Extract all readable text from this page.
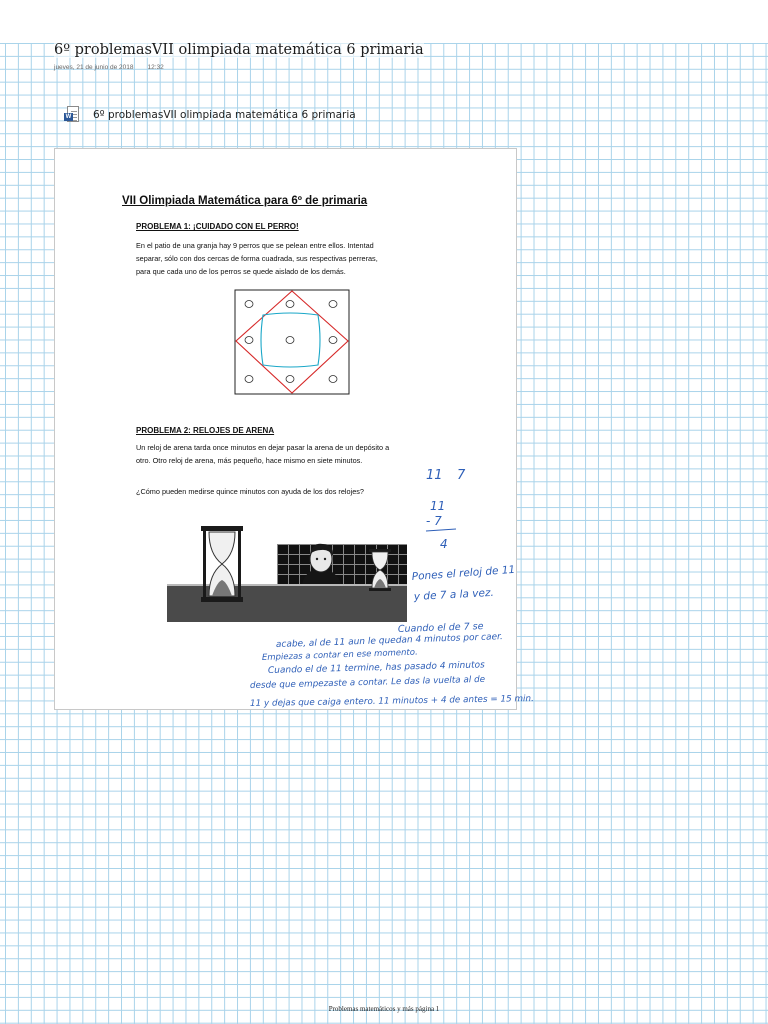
6º problemasVII olimpiada matemática 6 primaria
jueves, 21 de junio de 2018 12:32
W 6º problemasVII olimpiada matemática 6 primaria
VII Olimpiada Matemática para 6º de primaria
PROBLEMA 1: ¡CUIDADO CON EL PERRO!

En el patio de una granja hay 9 perros que se pelean entre ellos. Intentad
separar, sólo con dos cercas de forma cuadrada, sus respectivas perreras,
para que cada uno de los perros se quede aislado de los demás.

PROBLEMA 2: RELOJES DE ARENA

Un reloj de arena tarda once minutos en dejar pasar la arena de un depósito a
otro. Otro reloj de arena, más pequeño, hace mismo en siete minutos.

¿Cómo pueden medirse quince minutos con ayuda de los dos relojes?

11 7
11
- 7
4
Pones el reloj de 11
y de 7 a la vez.
Cuando el de 7 se
acabe, al de 11 aun le quedan 4 minutos por caer.
Empiezas a contar en ese momento.
Cuando el de 11 termine, has pasado 4 minutos
desde que empezaste a contar. Le das la vuelta al de
11 y dejas que caiga entero. 11 minutos + 4 de antes = 15 min.
Problemas matemáticos y más página 1
